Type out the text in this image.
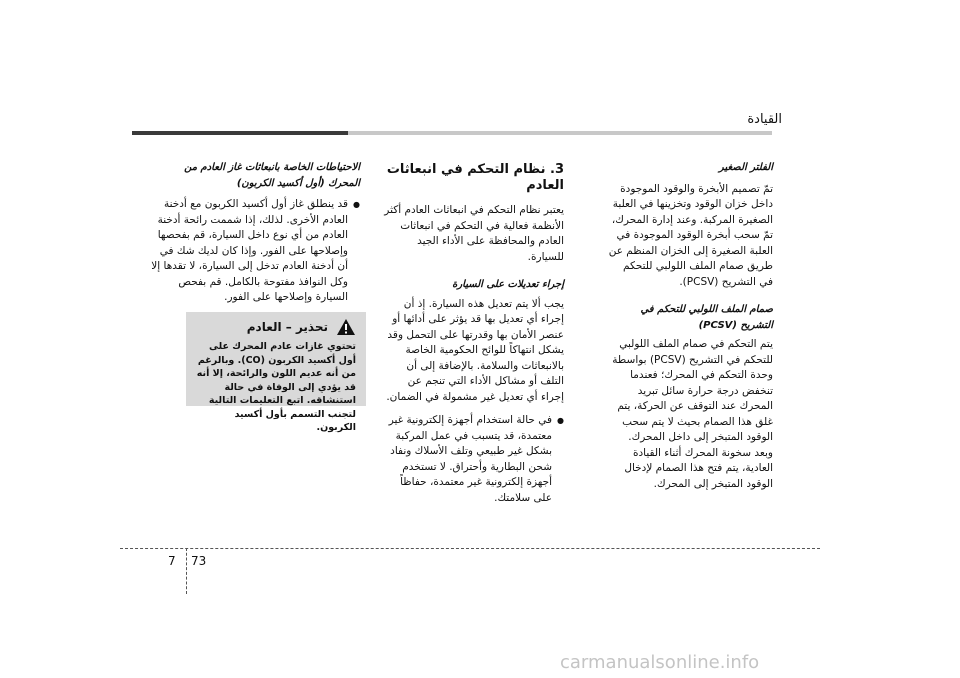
القيادة
الفلتر الصغير

تمّ تصميم الأبخرة والوقود الموجودة داخل خزان الوقود وتخزينها في العلبة الصغيرة المركبة. وعند إدارة المحرك، تمّ سحب أبخرة الوقود الموجودة في العلبة الصغيرة إلى الخزان المنظم عن طريق صمام الملف اللولبي للتحكم في التشريح (PCSV).

صمام الملف اللولبي للتحكم في التشريح (PCSV)

يتم التحكم في صمام الملف اللولبي للتحكم في التشريح (PCSV) بواسطة وحدة التحكم في المحرك؛ فعندما تنخفض درجة حرارة سائل تبريد المحرك عند التوقف عن الحركة، يتم غلق هذا الصمام بحيث لا يتم سحب الوقود المتبخر إلى داخل المحرك. وبعد سخونة المحرك أثناء القيادة العادية، يتم فتح هذا الصمام لإدخال الوقود المتبخر إلى المحرك.

3. نظام التحكم في انبعاثات العادم

يعتبر نظام التحكم في انبعاثات العادم أكثر الأنظمة فعالية في التحكم في انبعاثات العادم والمحافظة على الأداء الجيد للسيارة.

إجراء تعديلات على السيارة

يجب ألا يتم تعديل هذه السيارة. إذ أن إجراء أي تعديل بها قد يؤثر على أدائها أو عنصر الأمان بها وقدرتها على التحمل وقد يشكل انتهاكاً للوائح الحكومية الخاصة بالانبعاثات والسلامة. بالإضافة إلى أن التلف أو مشاكل الأداء التي تنجم عن إجراء أي تعديل غير مشمولة في الضمان.

● في حالة استخدام أجهزة إلكترونية غير معتمدة، قد يتسبب في عمل المركبة بشكل غير طبيعي وتلف الأسلاك ونفاد شحن البطارية وأحتراق. لا تستخدم أجهزة إلكترونية غير معتمدة، حفاظاً على سلامتك.

الاحتياطات الخاصة بانبعاثات غاز العادم من المحرك (أول أكسيد الكربون)

● قد ينطلق غاز أول أكسيد الكربون مع أدخنة العادم الأخرى. لذلك، إذا شممت رائحة أدخنة العادم من أي نوع داخل السيارة، قم بفحصها وإصلاحها على الفور. وإذا كان لديك شك في أن أدخنة العادم تدخل إلى السيارة، لا تقدها إلا وكل النوافذ مفتوحة بالكامل. قم بفحص السيارة وإصلاحها على الفور.

تحذير – العادم
تحتوي غازات عادم المحرك على أول أكسيد الكربون (CO). وبالرغم من أنه عديم اللون والرائحة، إلا أنه قد يؤدي إلى الوفاة في حالة استنشاقه. اتبع التعليمات التالية لتجنب التسمم بأول أكسيد الكربون.
7 73
carmanualsonline.info
